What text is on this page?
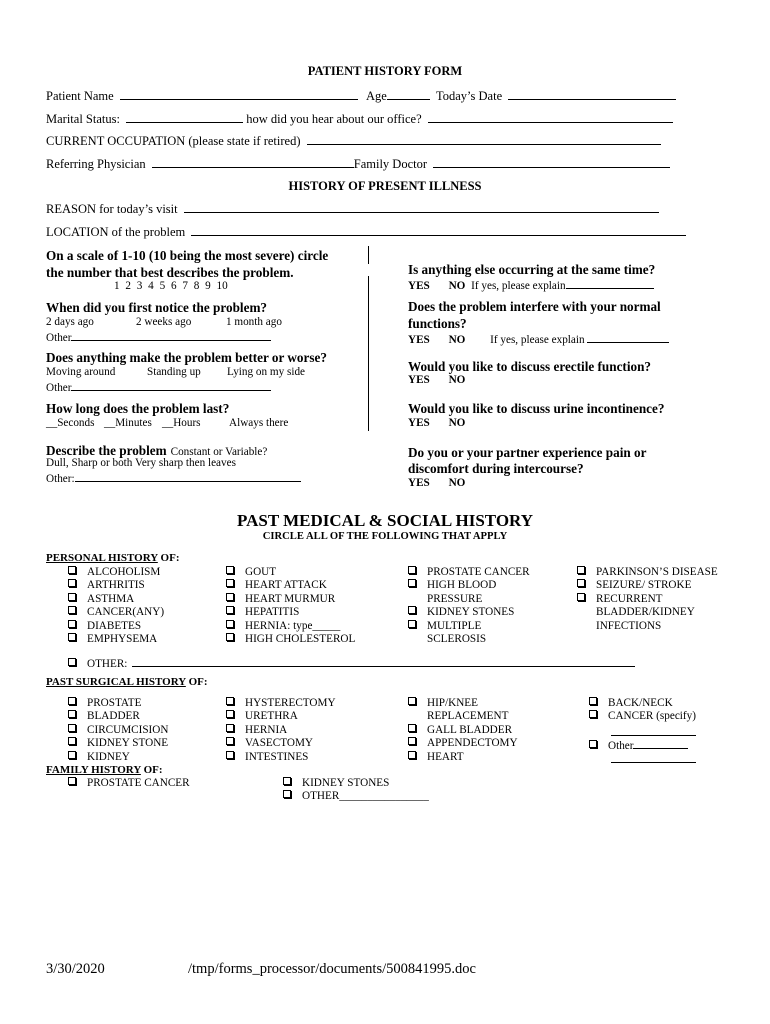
PATIENT HISTORY FORM
Patient Name	Age	Today’s Date
Marital Status:	how did you hear about our office?
CURRENT OCCUPATION (please state if retired)
Referring Physician	Family Doctor
HISTORY OF PRESENT ILLNESS
REASON for today’s visit
LOCATION of the problem
On a scale of 1-10 (10 being the most severe) circle
the number that best describes the problem.
1 2 3 4 5 6 7 8 9 10
When did you first notice the problem?
2 days ago	2 weeks ago	1 month ago
Other
Does anything make the problem better or worse?
Moving around	Standing up Lying on my side
Other
How long does the problem last?
__Seconds __Minutes __Hours	Always there
Describe the problem Constant or Variable?
Dull, Sharp or both Very sharp then leaves
Other:
Is anything else occurring at the same time?
YES NO If yes, please explain
Does the problem interfere with your normal
functions?
YES NO If yes, please explain
Would you like to discuss erectile function?
YES NO
Would you like to discuss urine incontinence?
YES NO
Do you or your partner experience pain or
discomfort during intercourse?
YES NO
PAST MEDICAL & SOCIAL HISTORY
CIRCLE ALL OF THE FOLLOWING THAT APPLY
PERSONAL HISTORY OF:
ALCOHOLISM
ARTHRITIS
ASTHMA
CANCER(ANY)
DIABETES
EMPHYSEMA
GOUT
HEART ATTACK
HEART MURMUR
HEPATITIS
HERNIA: type_____
HIGH CHOLESTEROL
PROSTATE CANCER
HIGH BLOOD
PRESSURE
KIDNEY STONES
MULTIPLE
SCLEROSIS
PARKINSON’S DISEASE
SEIZURE/ STROKE
RECURRENT
BLADDER/KIDNEY
INFECTIONS
OTHER:
PAST SURGICAL HISTORY OF:
PROSTATE
BLADDER
CIRCUMCISION
KIDNEY STONE
KIDNEY
HYSTERECTOMY
URETHRA
HERNIA
VASECTOMY
INTESTINES
HIP/KNEE
REPLACEMENT
GALL BLADDER
APPENDECTOMY
HEART
BACK/NECK
CANCER (specify)
Other
FAMILY HISTORY OF:
PROSTATE CANCER	KIDNEY STONES
OTHER________________
3/30/2020	/tmp/forms_processor/documents/500841995.doc
